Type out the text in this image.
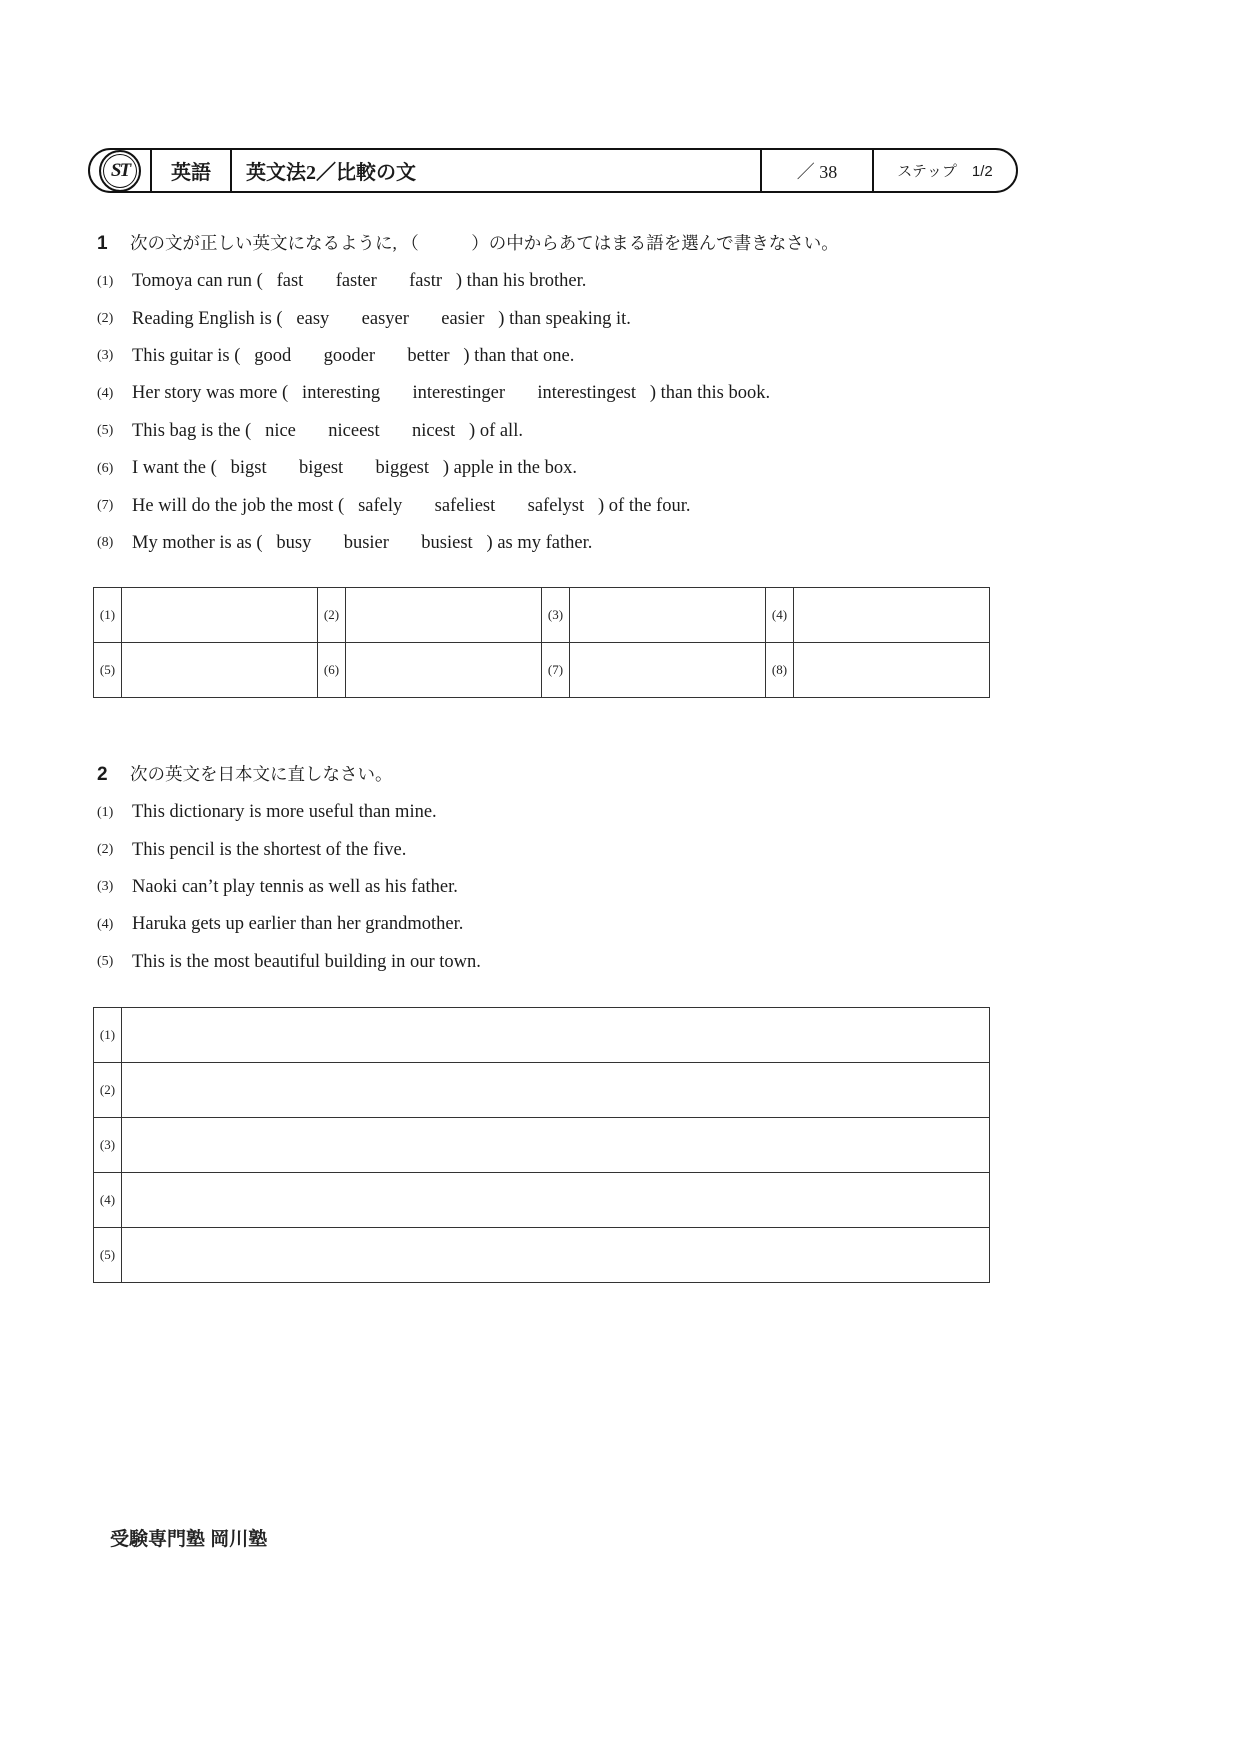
ST	英語	英文法2／比較の文	／ 38	ステップ　1/2
1	次の文が正しい英文になるように, （　　　）の中からあてはまる語を選んで書きなさい。
(1)	Tomoya can run (   fast       faster       fastr   ) than his brother.
(2)	Reading English is (   easy       easyer       easier   ) than speaking it.
(3)	This guitar is (   good       gooder       better   ) than that one.
(4)	Her story was more (   interesting       interestinger       interestingest   ) than this book.
(5)	This bag is the (   nice       niceest       nicest   ) of all.
(6)	I want the (   bigst       bigest       biggest   ) apple in the box.
(7)	He will do the job the most (   safely       safeliest       safelyst   ) of the four.
(8)	My mother is as (   busy       busier       busiest   ) as my father.
(1)		(2)		(3)		(4)	
(5)		(6)		(7)		(8)	
2	次の英文を日本文に直しなさい。
(1)	This dictionary is more useful than mine.
(2)	This pencil is the shortest of the five.
(3)	Naoki can’t play tennis as well as his father.
(4)	Haruka gets up earlier than her grandmother.
(5)	This is the most beautiful building in our town.
(1)	
(2)	
(3)	
(4)	
(5)	
受験専門塾 岡川塾
